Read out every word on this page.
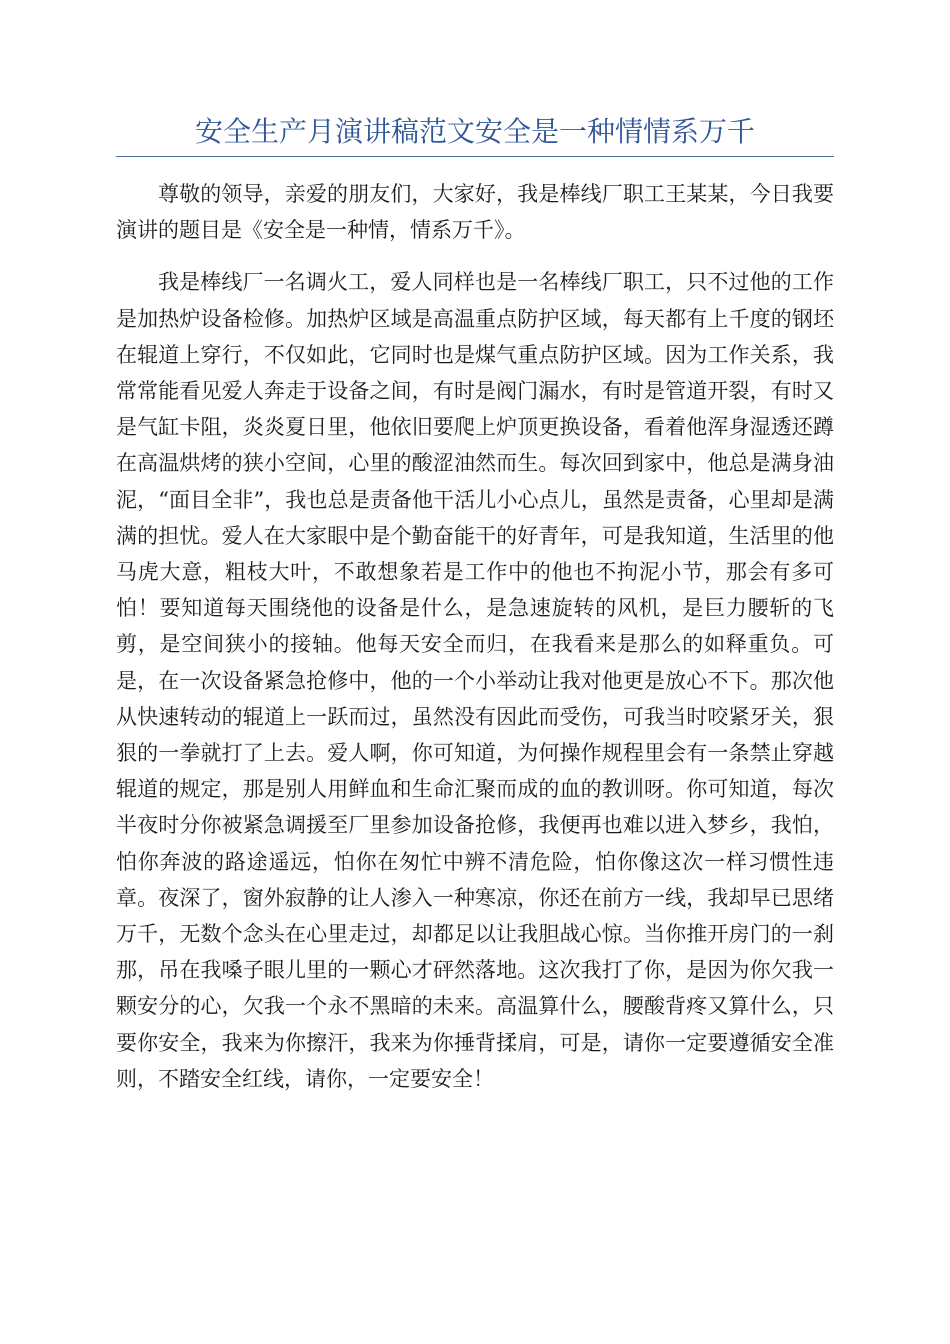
安全生产月演讲稿范文安全是一种情情系万千

尊敬的领导，亲爱的朋友们，大家好，我是棒线厂职工王某某，今日我要演讲的题目是《安全是一种情，情系万千》。

我是棒线厂一名调火工，爱人同样也是一名棒线厂职工，只不过他的工作是加热炉设备检修。加热炉区域是高温重点防护区域，每天都有上千度的钢坯在辊道上穿行，不仅如此，它同时也是煤气重点防护区域。因为工作关系，我常常能看见爱人奔走于设备之间，有时是阀门漏水，有时是管道开裂，有时又是气缸卡阻，炎炎夏日里，他依旧要爬上炉顶更换设备，看着他浑身湿透还蹲在高温烘烤的狭小空间，心里的酸涩油然而生。每次回到家中，他总是满身油泥，“面目全非”，我也总是责备他干活儿小心点儿，虽然是责备，心里却是满满的担忧。爱人在大家眼中是个勤奋能干的好青年，可是我知道，生活里的他马虎大意，粗枝大叶，不敢想象若是工作中的他也不拘泥小节，那会有多可怕！要知道每天围绕他的设备是什么，是急速旋转的风机，是巨力腰斩的飞剪，是空间狭小的接轴。他每天安全而归，在我看来是那么的如释重负。可是，在一次设备紧急抢修中，他的一个小举动让我对他更是放心不下。那次他从快速转动的辊道上一跃而过，虽然没有因此而受伤，可我当时咬紧牙关，狠狠的一拳就打了上去。爱人啊，你可知道，为何操作规程里会有一条禁止穿越辊道的规定，那是别人用鲜血和生命汇聚而成的血的教训呀。你可知道，每次半夜时分你被紧急调援至厂里参加设备抢修，我便再也难以进入梦乡，我怕，怕你奔波的路途遥远，怕你在匆忙中辨不清危险，怕你像这次一样习惯性违章。夜深了，窗外寂静的让人渗入一种寒凉，你还在前方一线，我却早已思绪万千，无数个念头在心里走过，却都足以让我胆战心惊。当你推开房门的一刹那，吊在我嗓子眼儿里的一颗心才砰然落地。这次我打了你，是因为你欠我一颗安分的心，欠我一个永不黑暗的未来。高温算什么，腰酸背疼又算什么，只要你安全，我来为你擦汗，我来为你捶背揉肩，可是，请你一定要遵循安全准则，不踏安全红线，请你，一定要安全！
